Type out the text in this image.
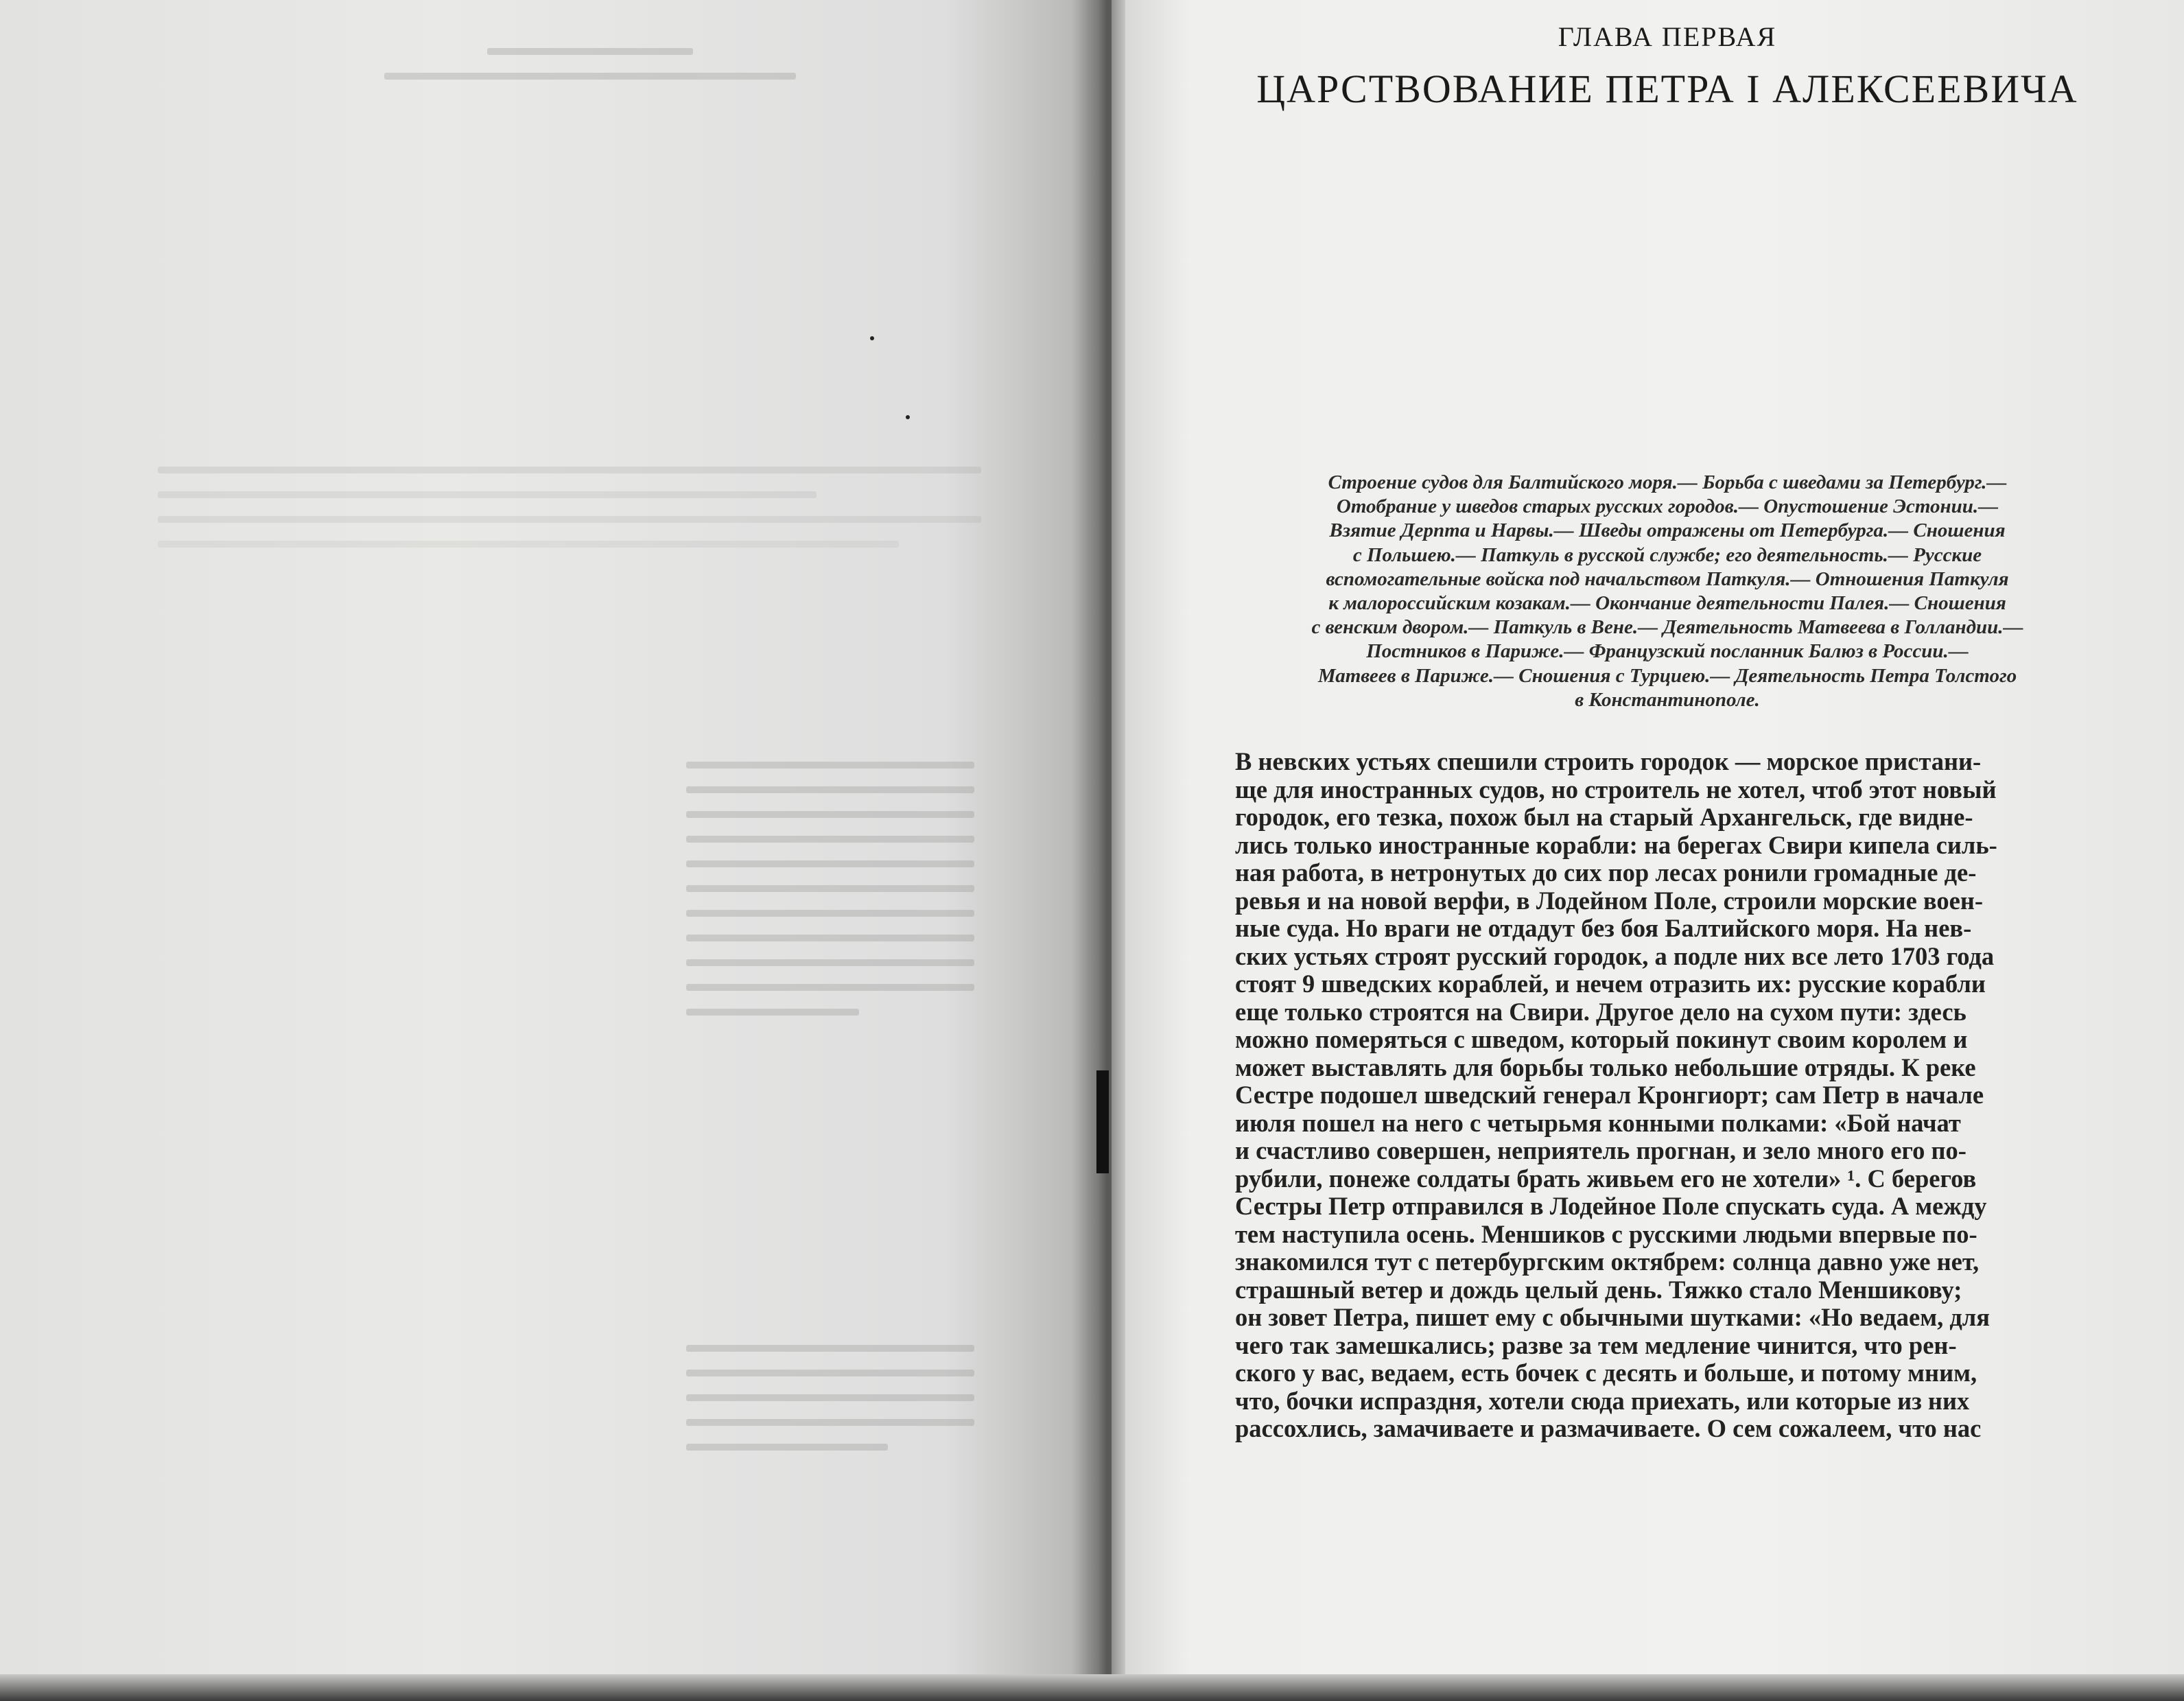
ГЛАВА ПЕРВАЯ
ЦАРСТВОВАНИЕ ПЕТРА I АЛЕКСЕЕВИЧА
Строение судов для Балтийского моря.— Борьба с шведами за Петербург.—
Отобрание у шведов старых русских городов.— Опустошение Эстонии.—
Взятие Дерпта и Нарвы.— Шведы отражены от Петербурга.— Сношения
с Польшею.— Паткуль в русской службе; его деятельность.— Русские
вспомогательные войска под начальством Паткуля.— Отношения Паткуля
к малороссийским козакам.— Окончание деятельности Палея.— Сношения
с венским двором.— Паткуль в Вене.— Деятельность Матвеева в Голландии.—
Постников в Париже.— Французский посланник Балюз в России.—
Матвеев в Париже.— Сношения с Турциею.— Деятельность Петра Толстого
в Константинополе.
В невских устьях спешили строить городок — морское пристани-
ще для иностранных судов, но строитель не хотел, чтоб этот новый
городок, его тезка, похож был на старый Архангельск, где видне-
лись только иностранные корабли: на берегах Свири кипела силь-
ная работа, в нетронутых до сих пор лесах ронили громадные де-
ревья и на новой верфи, в Лодейном Поле, строили морские воен-
ные суда. Но враги не отдадут без боя Балтийского моря. На нев-
ских устьях строят русский городок, а подле них все лето 1703 года
стоят 9 шведских кораблей, и нечем отразить их: русские корабли
еще только строятся на Свири. Другое дело на сухом пути: здесь
можно померяться с шведом, который покинут своим королем и
может выставлять для борьбы только небольшие отряды. К реке
Сестре подошел шведский генерал Кронгиорт; сам Петр в начале
июля пошел на него с четырьмя конными полками: «Бой начат
и счастливо совершен, неприятель прогнан, и зело много его по-
рубили, понеже солдаты брать живьем его не хотели» ¹. С берегов
Сестры Петр отправился в Лодейное Поле спускать суда. А между
тем наступила осень. Меншиков с русскими людьми впервые по-
знакомился тут с петербургским октябрем: солнца давно уже нет,
страшный ветер и дождь целый день. Тяжко стало Меншикову;
он зовет Петра, пишет ему с обычными шутками: «Но ведаем, для
чего так замешкались; разве за тем медление чинится, что рен-
ского у вас, ведаем, есть бочек с десять и больше, и потому мним,
что, бочки испраздня, хотели сюда приехать, или которые из них
рассохлись, замачиваете и размачиваете. О сем сожалеем, что нас
